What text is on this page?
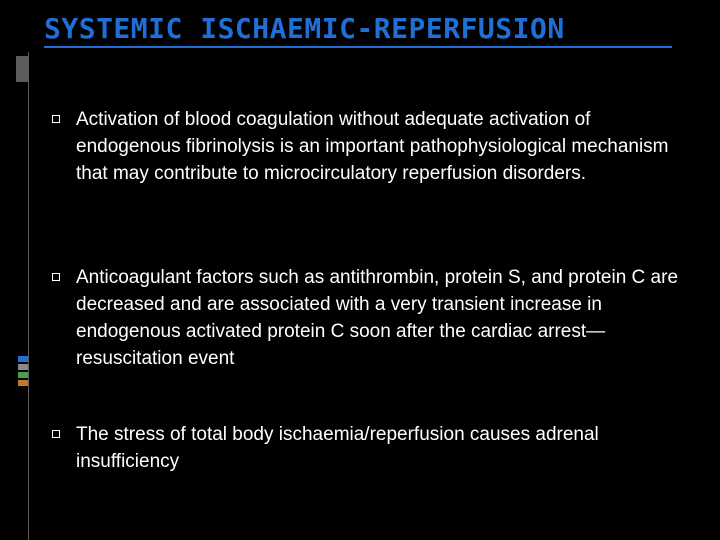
SYSTEMIC ISCHAEMIC-REPERFUSION
Activation of blood coagulation without adequate activation of endogenous fibrinolysis is an important pathophysiological mechanism that may contribute to microcirculatory reperfusion disorders.
Anticoagulant factors such as antithrombin, protein S, and protein C are decreased and are associated with a very transient increase in endogenous activated protein C soon after the cardiac arrest—resuscitation event
The stress of total body ischaemia/reperfusion causes adrenal insufficiency
